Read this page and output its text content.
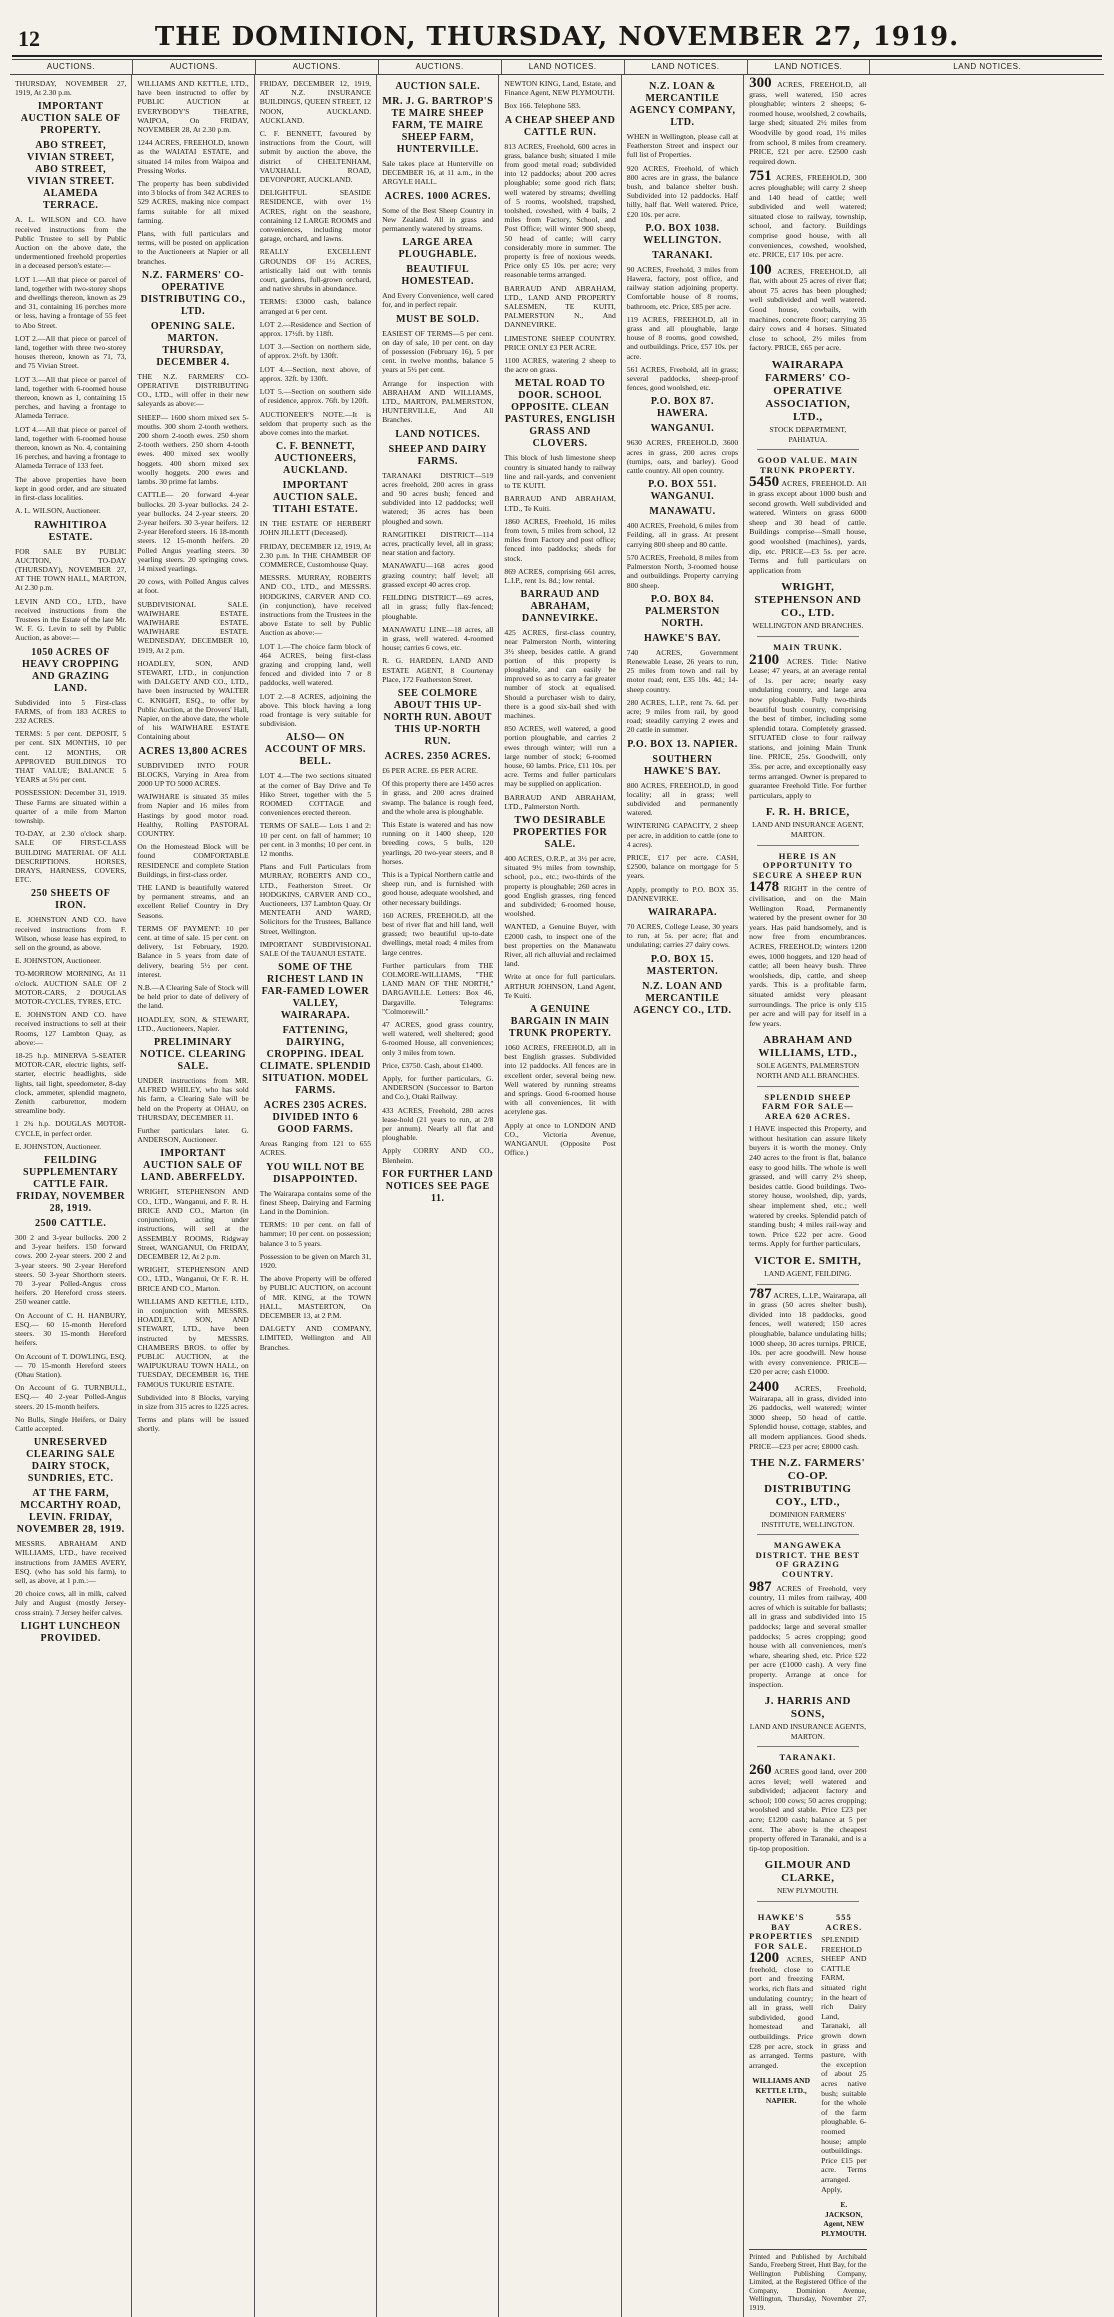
12	THE DOMINION, THURSDAY, NOVEMBER 27, 1919.
AUCTIONS.	AUCTIONS.	AUCTIONS.	AUCTIONS.	LAND NOTICES.	LAND NOTICES.	LAND NOTICES.	LAND NOTICES.

THURSDAY, NOVEMBER 27, 1919, At 2.30 p.m.

IMPORTANT AUCTION SALE OF PROPERTY.

ABO STREET, VIVIAN STREET, ABO STREET, VIVIAN STREET. ALAMEDA TERRACE.

A. L. WILSON and CO. have received instructions from the Public Trustee to sell by Public Auction on the above date, the undermentioned freehold properties in a deceased person's estate:—

LOT 1.—All that piece or parcel of land, together with two-storey shops and dwellings thereon, known as 29 and 31, containing 16 perches more or less, having a frontage of 55 feet to Abo Street.

LOT 2.—All that piece or parcel of land, together with three two-storey houses thereon, known as 71, 73, and 75 Vivian Street.

LOT 3.—All that piece or parcel of land, together with 6-roomed house thereon, known as 1, containing 15 perches, and having a frontage to Alameda Terrace.

LOT 4.—All that piece or parcel of land, together with 6-roomed house thereon, known as No. 4, containing 16 perches, and having a frontage to Alameda Terrace of 133 feet.

The above properties have been kept in good order, and are situated in first-class localities.

A. L. WILSON, Auctioneer.

RAWHITIROA ESTATE.

FOR SALE BY PUBLIC AUCTION, TO-DAY (THURSDAY), NOVEMBER 27, AT THE TOWN HALL, MARTON, At 2.30 p.m.

LEVIN AND CO., LTD., have received instructions from the Trustees in the Estate of the late Mr. W. F. G. Levin to sell by Public Auction, as above:—

1050 ACRES OF HEAVY CROPPING AND GRAZING LAND.

Subdivided into 5 First-class FARMS, of from 183 ACRES to 232 ACRES.

TERMS: 5 per cent. DEPOSIT, 5 per cent. SIX MONTHS, 10 per cent. 12 MONTHS, OR APPROVED BUILDINGS TO THAT VALUE; BALANCE 5 YEARS at 5½ per cent.

POSSESSION: December 31, 1919. These Farms are situated within a quarter of a mile from Marton township.

TO-DAY, at 2.30 o'clock sharp. SALE OF FIRST-CLASS BUILDING MATERIAL OF ALL DESCRIPTIONS. HORSES, DRAYS, HARNESS, COVERS, ETC.

250 SHEETS OF IRON.

E. JOHNSTON AND CO. have received instructions from F. Wilson, whose lease has expired, to sell on the ground, as above.

E. JOHNSTON, Auctioneer.

TO-MORROW MORNING, At 11 o'clock. AUCTION SALE OF 2 MOTOR-CARS, 2 DOUGLAS MOTOR-CYCLES, TYRES, ETC.

E. JOHNSTON AND CO. have received instructions to sell at their Rooms, 127 Lambton Quay, as above:—

18-25 h.p. MINERVA 5-SEATER MOTOR-CAR, electric lights, self-starter, electric headlights, side lights, tail light, speedometer, 8-day clock, ammeter, splendid magneto, Zenith carburettor, modern streamline body.

1 2¾ h.p. DOUGLAS MOTOR-CYCLE, in perfect order.

E. JOHNSTON, Auctioneer.

FEILDING SUPPLEMENTARY CATTLE FAIR. FRIDAY, NOVEMBER 28, 1919.

2500 CATTLE.

300 2 and 3-year bullocks. 200 2 and 3-year heifers. 150 forward cows. 200 2-year steers. 200 2 and 3-year steers. 90 2-year Hereford steers. 50 3-year Shorthorn steers. 70 3-year Polled-Angus cross heifers. 20 Hereford cross steers. 250 weaner cattle.

On Account of C. H. HANBURY, ESQ.— 60 15-month Hereford steers. 30 15-month Hereford heifers.

On Account of T. DOWLING, ESQ.— 70 15-month Hereford steers (Ohau Station).

On Account of G. TURNBULL, ESQ.— 40 2-year Polled-Angus steers. 20 15-month heifers.

No Bulls, Single Heifers, or Dairy Cattle accepted.

UNRESERVED CLEARING SALE DAIRY STOCK, SUNDRIES, ETC.

AT THE FARM, MCCARTHY ROAD, LEVIN. FRIDAY, NOVEMBER 28, 1919.

MESSRS. ABRAHAM AND WILLIAMS, LTD., have received instructions from JAMES AVERY, ESQ. (who has sold his farm), to sell, as above, at 1 p.m.:—

20 choice cows, all in milk, calved July and August (mostly Jersey-cross strain). 7 Jersey heifer calves.

LIGHT LUNCHEON PROVIDED.

WILLIAMS AND KETTLE, LTD., have been instructed to offer by PUBLIC AUCTION at EVERYBODY'S THEATRE, WAIPOA, On FRIDAY, NOVEMBER 28, At 2.30 p.m.

1244 ACRES, FREEHOLD, known as the WAIATAI ESTATE, and situated 14 miles from Waipoa and Pressing Works.

The property has been subdivided into 3 blocks of from 342 ACRES to 529 ACRES, making nice compact farms suitable for all mixed farming.

Plans, with full particulars and terms, will be posted on application to the Auctioneers at Napier or all branches.

N.Z. FARMERS' CO-OPERATIVE DISTRIBUTING CO., LTD.

OPENING SALE. MARTON. THURSDAY, DECEMBER 4.

THE N.Z. FARMERS' CO-OPERATIVE DISTRIBUTING CO., LTD., will offer in their new saleyards as above:—

SHEEP— 1600 shorn mixed sex 5-mouths. 300 shorn 2-tooth wethers. 200 shorn 2-tooth ewes. 250 shorn 2-tooth wethers. 250 shorn 4-tooth ewes. 400 mixed sex woolly hoggets. 400 shorn mixed sex woolly hoggets. 200 ewes and lambs. 30 prime fat lambs.

CATTLE— 20 forward 4-year bullocks. 20 3-year bullocks. 24 2-year bullocks. 24 2-year steers. 20 2-year heifers. 30 3-year heifers. 12 2-year Hereford steers. 16 18-month steers. 12 15-month heifers. 20 Polled Angus yearling steers. 30 yearling steers. 20 springing cows. 14 mixed yearlings.

20 cows, with Polled Angus calves at foot.

SUBDIVISIONAL SALE. WAIWHARE ESTATE. WAIWHARE ESTATE. WAIWHARE ESTATE. WEDNESDAY, DECEMBER 10, 1919, At 2 p.m.

HOADLEY, SON, AND STEWART, LTD., in conjunction with DALGETY AND CO., LTD., have been instructed by WALTER C. KNIGHT, ESQ., to offer by Public Auction, at the Drovers' Hall, Napier, on the above date, the whole of his WAIWHARE ESTATE Containing about

ACRES 13,800 ACRES

SUBDIVIDED INTO FOUR BLOCKS, Varying in Area from 2000 UP TO 5000 ACRES.

WAIWHARE is situated 35 miles from Napier and 16 miles from Hastings by good motor road. Healthy, Rolling PASTORAL COUNTRY.

On the Homestead Block will be found COMFORTABLE RESIDENCE and complete Station Buildings, in first-class order.

THE LAND is beautifully watered by permanent streams, and an excellent Relief Country in Dry Seasons.

TERMS OF PAYMENT: 10 per cent. at time of sale. 15 per cent. on delivery, 1st February, 1920. Balance in 5 years from date of delivery, bearing 5½ per cent. interest.

N.B.—A Clearing Sale of Stock will be held prior to date of delivery of the land.

HOADLEY, SON, & STEWART, LTD., Auctioneers, Napier.

PRELIMINARY NOTICE. CLEARING SALE.

UNDER instructions from MR. ALFRED WHILEY, who has sold his farm, a Clearing Sale will be held on the Property at OHAU, on THURSDAY, DECEMBER 11.

Further particulars later. G. ANDERSON, Auctioneer.

IMPORTANT AUCTION SALE OF LAND. ABERFELDY.

WRIGHT, STEPHENSON AND CO., LTD., Wanganui, and F. R. H. BRICE AND CO., Marton (in conjunction), acting under instructions, will sell at the ASSEMBLY ROOMS, Ridgway Street, WANGANUI, On FRIDAY, DECEMBER 12, At 2 p.m.

WRIGHT, STEPHENSON AND CO., LTD., Wanganui, Or F. R. H. BRICE AND CO., Marton.

WILLIAMS AND KETTLE, LTD., in conjunction with MESSRS. HOADLEY, SON, AND STEWART, LTD., have been instructed by MESSRS. CHAMBERS BROS. to offer by PUBLIC AUCTION, at the WAIPUKURAU TOWN HALL, on TUESDAY, DECEMBER 16, THE FAMOUS TUKURIE ESTATE.

Subdivided into 8 Blocks, varying in size from 315 acres to 1225 acres.

Terms and plans will be issued shortly.

FRIDAY, DECEMBER 12, 1919, AT N.Z. INSURANCE BUILDINGS, QUEEN STREET, 12 NOON, AUCKLAND. AUCKLAND.

C. F. BENNETT, favoured by instructions from the Court, will submit by auction the above, the district of CHELTENHAM, VAUXHALL ROAD, DEVONPORT, AUCKLAND.

DELIGHTFUL SEASIDE RESIDENCE, with over 1½ ACRES, right on the seashore, containing 12 LARGE ROOMS and conveniences, including motor garage, orchard, and lawns.

REALLY EXCELLENT GROUNDS OF 1½ ACRES, artistically laid out with tennis court, gardens, full-grown orchard, and native shrubs in abundance.

TERMS: £3000 cash, balance arranged at 6 per cent.

LOT 2.—Residence and Section of approx. 17½ft. by 118ft.

LOT 3.—Section on northern side, of approx. 2½ft. by 130ft.

LOT 4.—Section, next above, of approx. 32ft. by 130ft.

LOT 5.—Section on southern side of residence, approx. 76ft. by 120ft.

AUCTIONEER'S NOTE.—It is seldom that property such as the above comes into the market.

C. F. BENNETT, AUCTIONEERS, AUCKLAND.

IMPORTANT AUCTION SALE. TITAHI ESTATE.

IN THE ESTATE OF HERBERT JOHN JILLETT (Deceased).

FRIDAY, DECEMBER 12, 1919, At 2.30 p.m. In THE CHAMBER OF COMMERCE, Customhouse Quay.

MESSRS. MURRAY, ROBERTS AND CO., LTD., and MESSRS. HODGKINS, CARVER AND CO. (in conjunction), have received instructions from the Trustees in the above Estate to sell by Public Auction as above:—

LOT 1.—The choice farm block of 464 ACRES, being first-class grazing and cropping land, well fenced and divided into 7 or 8 paddocks, well watered.

LOT 2.—8 ACRES, adjoining the above. This block having a long road frontage is very suitable for subdivision.

ALSO— ON ACCOUNT OF MRS. BELL.

LOT 4.—The two sections situated at the corner of Bay Drive and Te Hiko Street, together with the 5 ROOMED COTTAGE and conveniences erected thereon.

TERMS OF SALE— Lots 1 and 2: 10 per cent. on fall of hammer; 10 per cent. in 3 months; 10 per cent. in 12 months.

Plans and Full Particulars from MURRAY, ROBERTS AND CO., LTD., Featherston Street. Or HODGKINS, CARVER AND CO., Auctioneers, 137 Lambton Quay. Or MENTEATH AND WARD, Solicitors for the Trustees, Ballance Street, Wellington.

IMPORTANT SUBDIVISIONAL SALE Of the TAUANUI ESTATE.

SOME OF THE RICHEST LAND IN FAR-FAMED LOWER VALLEY, WAIRARAPA.

FATTENING, DAIRYING, CROPPING. IDEAL CLIMATE. SPLENDID SITUATION. MODEL FARMS.

ACRES 2305 ACRES. DIVIDED INTO 6 GOOD FARMS.

Areas Ranging from 121 to 655 ACRES.

YOU WILL NOT BE DISAPPOINTED.

The Wairarapa contains some of the finest Sheep, Dairying and Farming Land in the Dominion.

TERMS: 10 per cent. on fall of hammer; 10 per cent. on possession; balance 3 to 5 years.

Possession to be given on March 31, 1920.

The above Property will be offered by PUBLIC AUCTION, on account of MR. KING, at the TOWN HALL, MASTERTON, On DECEMBER 13, at 2 P.M.

DALGETY AND COMPANY, LIMITED, Wellington and All Branches.

AUCTION SALE.

MR. J. G. BARTROP'S TE MAIRE SHEEP FARM, TE MAIRE SHEEP FARM, HUNTERVILLE.

Sale takes place at Hunterville on DECEMBER 16, at 11 a.m., in the ARGYLE HALL.

ACRES. 1000 ACRES.

Some of the Best Sheep Country in New Zealand. All in grass and permanently watered by streams.

LARGE AREA PLOUGHABLE.

BEAUTIFUL HOMESTEAD.

And Every Convenience, well cared for, and in perfect repair.

MUST BE SOLD.

EASIEST OF TERMS—5 per cent. on day of sale, 10 per cent. on day of possession (February 16), 5 per cent. in twelve months, balance 5 years at 5½ per cent.

Arrange for inspection with ABRAHAM AND WILLIAMS, LTD., MARTON, PALMERSTON, HUNTERVILLE, And All Branches.

LAND NOTICES.

SHEEP AND DAIRY FARMS.

TARANAKI DISTRICT—519 acres freehold, 200 acres in grass and 90 acres bush; fenced and subdivided into 12 paddocks; well watered; 36 acres has been ploughed and sown.

RANGITIKEI DISTRICT—114 acres, practically level, all in grass; near station and factory.

MANAWATU—168 acres good grazing country; half level; all grassed except 40 acres crop.

FEILDING DISTRICT—69 acres, all in grass; fully flax-fenced; ploughable.

MANAWATU LINE—18 acres, all in grass, well watered. 4-roomed house; carries 6 cows, etc.

R. G. HARDEN, LAND AND ESTATE AGENT, 8 Courtenay Place, 172 Featherston Street.

SEE COLMORE ABOUT THIS UP-NORTH RUN. ABOUT THIS UP-NORTH RUN.

ACRES. 2350 ACRES.

£6 PER ACRE. £6 PER ACRE.

Of this property there are 1450 acres in grass, and 200 acres drained swamp. The balance is rough feed, and the whole area is ploughable.

This Estate is watered and has now running on it 1400 sheep, 120 breeding cows, 5 bulls, 120 yearlings, 20 two-year steers, and 8 horses.

This is a Typical Northern cattle and sheep run, and is furnished with good house, adequate woolshed, and other necessary buildings.

160 ACRES, FREEHOLD, all the best of river flat and hill land, well grassed; two beautiful up-to-date dwellings, metal road; 4 miles from large centres.

Further particulars from THE COLMORE-WILLIAMS, "THE LAND MAN OF THE NORTH," DARGAVILLE. Letters: Box 46, Dargaville. Telegrams: "Colmorewill."

47 ACRES, good grass country, well watered, well sheltered; good 6-roomed House, all conveniences; only 3 miles from town.

Price, £3750. Cash, about £1400.

Apply, for further particulars, G. ANDERSON (Successor to Barton and Co.), Otaki Railway.

433 ACRES, Freehold, 280 acres lease-hold (21 years to run, at 2/8 per annum). Nearly all flat and ploughable.

Apply CORRY AND CO., Blenheim.

FOR FURTHER LAND NOTICES SEE PAGE 11.

NEWTON KING, Land, Estate, and Finance Agent, NEW PLYMOUTH.

Box 166. Telephone 583.

A CHEAP SHEEP AND CATTLE RUN.

813 ACRES, Freehold, 600 acres in grass, balance bush; situated 1 mile from good metal road; subdivided into 12 paddocks; about 200 acres ploughable; some good rich flats; well watered by streams; dwelling of 5 rooms, woolshed, trapshed, toolshed, cowshed, with 4 bails, 2 miles from Factory, School, and Post Office; will winter 900 sheep, 50 head of cattle; will carry considerably more in summer. The property is free of noxious weeds. Price only £5 10s. per acre; very reasonable terms arranged.

BARRAUD AND ABRAHAM, LTD., LAND AND PROPERTY SALESMEN, TE KUITI, PALMERSTON N., And DANNEVIRKE.

LIMESTONE SHEEP COUNTRY. PRICE ONLY £3 PER ACRE.

1100 ACRES, watering 2 sheep to the acre on grass.

METAL ROAD TO DOOR. SCHOOL OPPOSITE. CLEAN PASTURES, ENGLISH GRASS AND CLOVERS.

This block of lush limestone sheep country is situated handy to railway line and rail-yards, and convenient to TE KUITI.

BARRAUD AND ABRAHAM, LTD., Te Kuiti.

1860 ACRES, Freehold, 16 miles from town, 5 miles from school, 12 miles from Factory and post office; fenced into paddocks; sheds for stock.

869 ACRES, comprising 661 acres, L.I.P., rent 1s. 8d.; low rental.

BARRAUD AND ABRAHAM, DANNEVIRKE.

425 ACRES, first-class country, near Palmerston North, wintering 3½ sheep, besides cattle. A grand portion of this property is ploughable, and can easily be improved so as to carry a far greater number of stock at equalised. Should a purchaser wish to dairy, there is a good six-bail shed with machines.

850 ACRES, well watered, a good portion ploughable, and carries 2 ewes through winter; will run a large number of stock; 6-roomed house, 60 lambs. Price, £11 10s. per acre. Terms and fuller particulars may be supplied on application.

BARRAUD AND ABRAHAM, LTD., Palmerston North.

TWO DESIRABLE PROPERTIES FOR SALE.

400 ACRES, O.R.P., at 3½ per acre, situated 9½ miles from township, school, p.o., etc.; two-thirds of the property is ploughable; 260 acres in good English grasses, ring fenced and subdivided; 6-roomed house, woolshed.

WANTED, a Genuine Buyer, with £2000 cash, to inspect one of the best properties on the Manawatu River, all rich alluvial and reclaimed land.

Write at once for full particulars. ARTHUR JOHNSON, Land Agent, Te Kuiti.

A GENUINE BARGAIN IN MAIN TRUNK PROPERTY.

1060 ACRES, FREEHOLD, all in best English grasses. Subdivided into 12 paddocks. All fences are in excellent order, several being new. Well watered by running streams and springs. Good 6-roomed house with all conveniences, lit with acetylene gas.

Apply at once to LONDON AND CO., Victoria Avenue, WANGANUI. (Opposite Post Office.)

N.Z. LOAN & MERCANTILE AGENCY COMPANY, LTD.

WHEN in Wellington, please call at Featherston Street and inspect our full list of Properties.

920 ACRES, Freehold, of which 800 acres are in grass, the balance bush, and balance shelter bush. Subdivided into 12 paddocks. Half hilly, half flat. Well watered. Price, £20 10s. per acre.

P.O. BOX 1038. WELLINGTON.

TARANAKI.

90 ACRES, Freehold, 3 miles from Hawera, factory, post office, and railway station adjoining property. Comfortable house of 8 rooms, bathroom, etc. Price, £85 per acre.

119 ACRES, FREEHOLD, all in grass and all ploughable, large house of 8 rooms, good cowshed, and outbuildings. Price, £57 10s. per acre.

561 ACRES, Freehold, all in grass; several paddocks, sheep-proof fences, good woolshed, etc.

P.O. BOX 87. HAWERA.

WANGANUI.

9630 ACRES, FREEHOLD, 3600 acres in grass, 200 acres crops (turnips, oats, and barley). Good cattle country. All open country.

P.O. BOX 551. WANGANUI.

MANAWATU.

400 ACRES, Freehold, 6 miles from Feilding, all in grass. At present carrying 800 sheep and 80 cattle.

570 ACRES, Freehold, 8 miles from Palmerston North, 3-roomed house and outbuildings. Property carrying 800 sheep.

P.O. BOX 84. PALMERSTON NORTH.

HAWKE'S BAY.

740 ACRES, Government Renewable Lease, 26 years to run, 25 miles from town and rail by motor road; rent, £35 10s. 4d.; 14-sheep country.

280 ACRES, L.I.P., rent 7s. 6d. per acre; 9 miles from rail, by good road; steadily carrying 2 ewes and 20 cattle in summer.

P.O. BOX 13. NAPIER.

SOUTHERN HAWKE'S BAY.

800 ACRES, FREEHOLD, in good locality; all in grass; well subdivided and permanently watered.

WINTERING CAPACITY, 2 sheep per acre, in addition to cattle (one to 4 acres).

PRICE, £17 per acre. CASH, £2500, balance on mortgage for 5 years.

Apply, promptly to P.O. BOX 35. DANNEVIRKE.

WAIRARAPA.

70 ACRES, College Lease, 30 years to run, at 5s. per acre; flat and undulating; carries 27 dairy cows.

P.O. BOX 15. MASTERTON.

N.Z. LOAN AND MERCANTILE AGENCY CO., LTD.

300 ACRES, FREEHOLD, all grass, well watered, 150 acres ploughable; winters 2 sheeps; 6-roomed house, woolshed, 2 cowhails, large shed; situated 2½ miles from Woodville by good road, 1½ miles from school, 8 miles from creamery. PRICE, £21 per acre. £2500 cash required down.

751 ACRES, FREEHOLD, 300 acres ploughable; will carry 2 sheep and 140 head of cattle; well subdivided and well watered; situated close to railway, township, school, and factory. Buildings comprise good house, with all conveniences, cowshed, woolshed, etc. PRICE, £17 10s. per acre.

100 ACRES, FREEHOLD, all flat, with about 25 acres of river flat; about 75 acres has been ploughed; well subdivided and well watered. Good house, cowbails, with machines, concrete floor; carrying 35 dairy cows and 4 horses. Situated close to school, 2½ miles from factory. PRICE, £65 per acre.

WAIRARAPA FARMERS' CO-OPERATIVE ASSOCIATION, LTD.,

STOCK DEPARTMENT, PAHIATUA.

GOOD VALUE. MAIN TRUNK PROPERTY.

5450 ACRES, FREEHOLD. All in grass except about 1000 bush and second growth. Well subdivided and watered. Winters on grass 6000 sheep and 30 head of cattle. Buildings comprise—Small house, good woolshed (machines), yards, dip, etc. PRICE—£3 5s. per acre. Terms and full particulars on application from

WRIGHT, STEPHENSON AND CO., LTD.

WELLINGTON AND BRANCHES.

MAIN TRUNK.

2100 ACRES. Title: Native Lease; 47 years, at an average rental of 1s. per acre; nearly easy undulating country, and large area now ploughable. Fully two-thirds beautiful bush country, comprising the best of timber, including some splendid totara. Completely grassed. SITUATED close to four railway stations, and joining Main Trunk line. PRICE, 25s. Goodwill, only 35s. per acre, and exceptionally easy terms arranged. Owner is prepared to guarantee Freehold Title. For further particulars, apply to

F. R. H. BRICE,

LAND AND INSURANCE AGENT, MARTON.

HERE IS AN OPPORTUNITY TO SECURE A SHEEP RUN

1478 RIGHT in the centre of civilisation, and on the Main Wellington Road, Permanently watered by the present owner for 30 years. Has paid handsomely, and is now free from encumbrances. ACRES, FREEHOLD; winters 1200 ewes, 1000 hoggets, and 120 head of cattle; all been heavy bush. Three woolsheds, dip, cattle, and sheep yards. This is a profitable farm, situated amidst very pleasant surroundings. The price is only £15 per acre and will pay for itself in a few years.

ABRAHAM AND WILLIAMS, LTD.,

SOLE AGENTS, PALMERSTON NORTH AND ALL BRANCHES.

SPLENDID SHEEP FARM FOR SALE—AREA 620 ACRES.

I HAVE inspected this Property, and without hesitation can assure likely buyers it is worth the money. Only 240 acres to the front is flat, balance easy to good hills. The whole is well grassed, and will carry 2½ sheep, besides cattle. Good buildings. Two-storey house, woolshed, dip, yards, shear implement shed, etc.; well watered by creeks. Splendid patch of standing bush; 4 miles rail-way and town. Price £22 per acre. Good terms. Apply for further particulars,

VICTOR E. SMITH,

LAND AGENT, FEILDING.

787 ACRES, L.I.P., Wairarapa, all in grass (50 acres shelter bush), divided into 18 paddocks, good fences, well watered; 150 acres ploughable, balance undulating hills; 1000 sheep, 30 acres turnips. PRICE, 10s. per acre goodwill. New house with every convenience. PRICE—£20 per acre; cash £1000.

2400 ACRES, Freehold, Wairarapa, all in grass, divided into 26 paddocks, well watered; winter 3000 sheep, 50 head of cattle. Splendid house, cottage, stables, and all modern appliances. Good sheds. PRICE—£23 per acre; £8000 cash.

THE N.Z. FARMERS' CO-OP. DISTRIBUTING COY., LTD.,

DOMINION FARMERS' INSTITUTE, WELLINGTON.

MANGAWEKA DISTRICT. THE BEST OF GRAZING COUNTRY.

987 ACRES of Freehold, very country, 11 miles from railway, 400 acres of which is suitable for ballasts; all in grass and subdivided into 15 paddocks; large and several smaller paddocks; 5 acres cropping; good house with all conveniences, men's whare, shearing shed, etc. Price £22 per acre (£1000 cash). A very fine property. Arrange at once for inspection.

J. HARRIS AND SONS,

LAND AND INSURANCE AGENTS, MARTON.

TARANAKI.

260 ACRES good land, over 200 acres level; well watered and subdivided; adjacent factory and school; 100 cows; 50 acres cropping; woolshed and stable. Price £23 per acre; £1200 cash; balance at 5 per cent. The above is the cheapest property offered in Taranaki, and is a tip-top proposition.

GILMOUR AND CLARKE,

NEW PLYMOUTH.

HAWKE'S BAY PROPERTIES FOR SALE.

1200 ACRES, freehold, close to port and freezing works, rich flats and undulating country; all in grass, well subdivided, good homestead and outbuildings. Price £28 per acre, stock as arranged. Terms arranged.

WILLIAMS AND KETTLE LTD., NAPIER.

555 ACRES.

SPLENDID FREEHOLD SHEEP AND CATTLE FARM, situated right in the heart of rich Dairy Land, Taranaki, all grown down in grass and pasture, with the exception of about 25 acres native bush; suitable for the whole of the farm ploughable. 6-roomed house; ample outbuildings. Price £15 per acre. Terms arranged. Apply,

E. JACKSON, Agent, NEW PLYMOUTH.

Printed and Published by Archibald Sando, Freeberg Street, Hutt Bay, for the Wellington Publishing Company, Limited, at the Registered Office of the Company, Dominion Avenue, Wellington, Thursday, November 27, 1919.
